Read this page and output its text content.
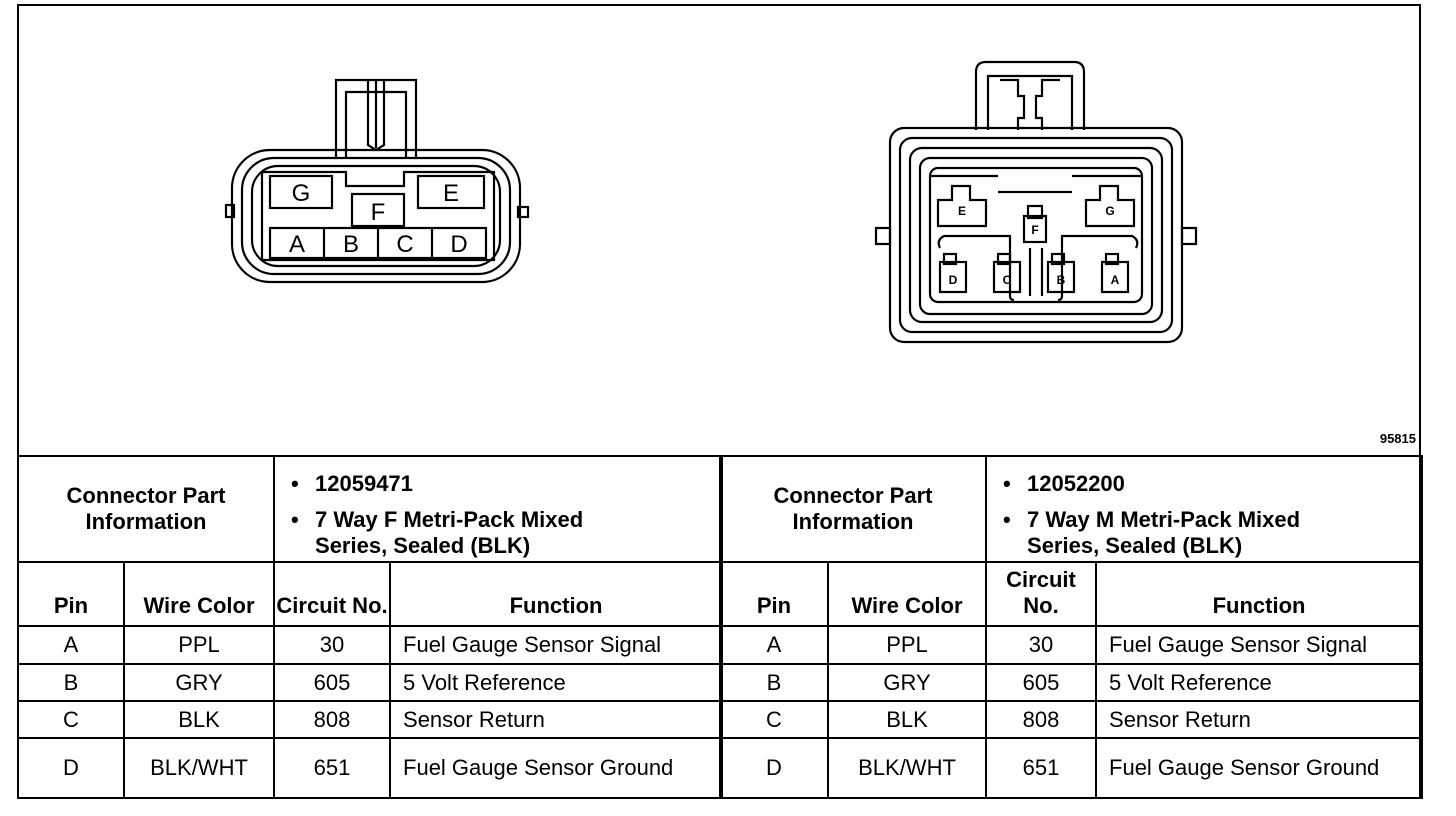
G
F
E
A B C D
E
F
G
D	C	B	A
95815
Connector Part Information		• 12059471
• 7 Way F Metri-Pack Mixed Series, Sealed (BLK)	

Pin	Wire Color	Circuit No.	Function
A	PPL	30	Fuel Gauge Sensor Signal
B	GRY	605	5 Volt Reference
C	BLK	808	Sensor Return
D	BLK/WHT	651	Fuel Gauge Sensor Ground
Connector Part Information		• 12052200
• 7 Way M Metri-Pack Mixed Series, Sealed (BLK)	

Pin	Wire Color	Circuit No.	Function
A	PPL	30	Fuel Gauge Sensor Signal
B	GRY	605	5 Volt Reference
C	BLK	808	Sensor Return
D	BLK/WHT	651	Fuel Gauge Sensor Ground
